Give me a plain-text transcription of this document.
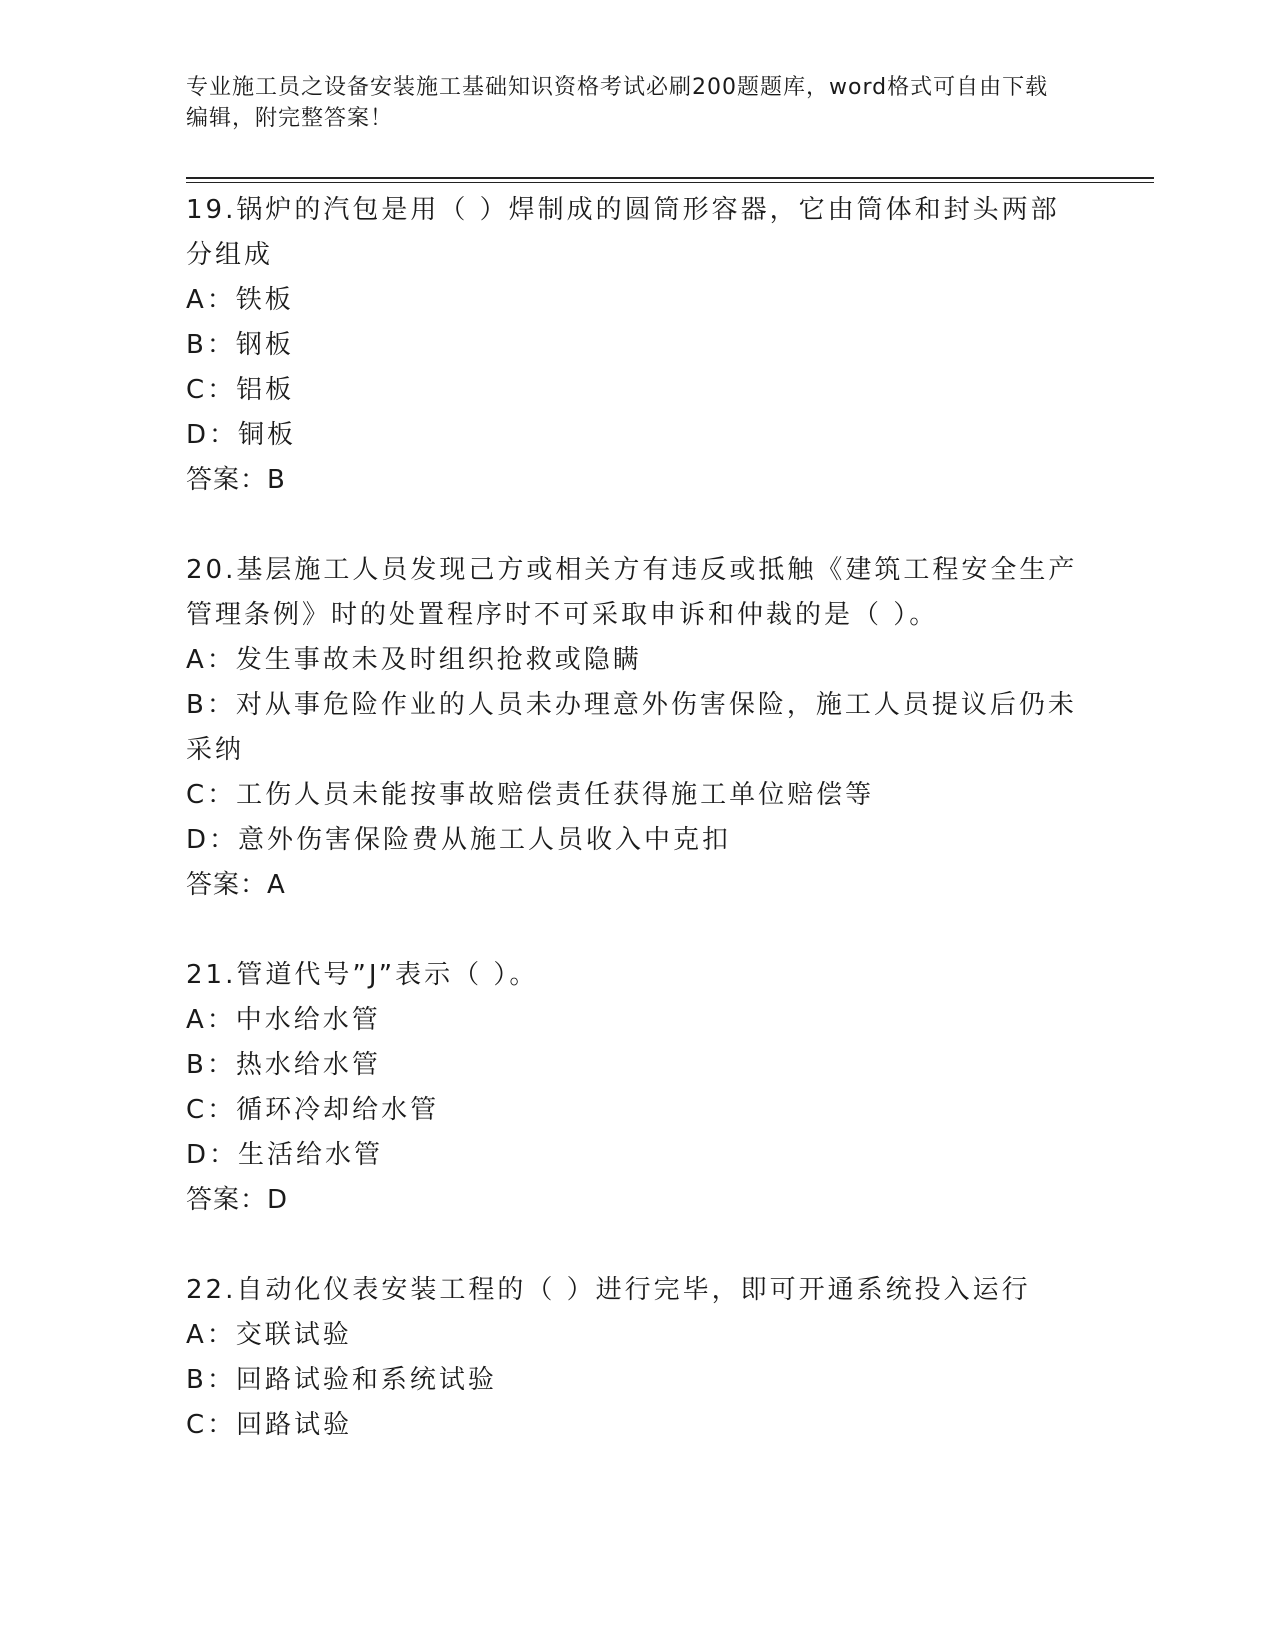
专业施工员之设备安装施工基础知识资格考试必刷200题题库，word格式可自由下载编辑，附完整答案！

19.锅炉的汽包是用（ ）焊制成的圆筒形容器，它由筒体和封头两部分组成

A：铁板

B：钢板

C：铝板

D：铜板

答案：B

20.基层施工人员发现己方或相关方有违反或抵触《建筑工程安全生产管理条例》时的处置程序时不可采取申诉和仲裁的是（ ）。

A：发生事故未及时组织抢救或隐瞒

B：对从事危险作业的人员未办理意外伤害保险，施工人员提议后仍未采纳

C：工伤人员未能按事故赔偿责任获得施工单位赔偿等

D：意外伤害保险费从施工人员收入中克扣

答案：A

21.管道代号”J”表示（ ）。

A：中水给水管

B：热水给水管

C：循环冷却给水管

D：生活给水管

答案：D

22.自动化仪表安装工程的（ ）进行完毕，即可开通系统投入运行

A：交联试验

B：回路试验和系统试验

C：回路试验
